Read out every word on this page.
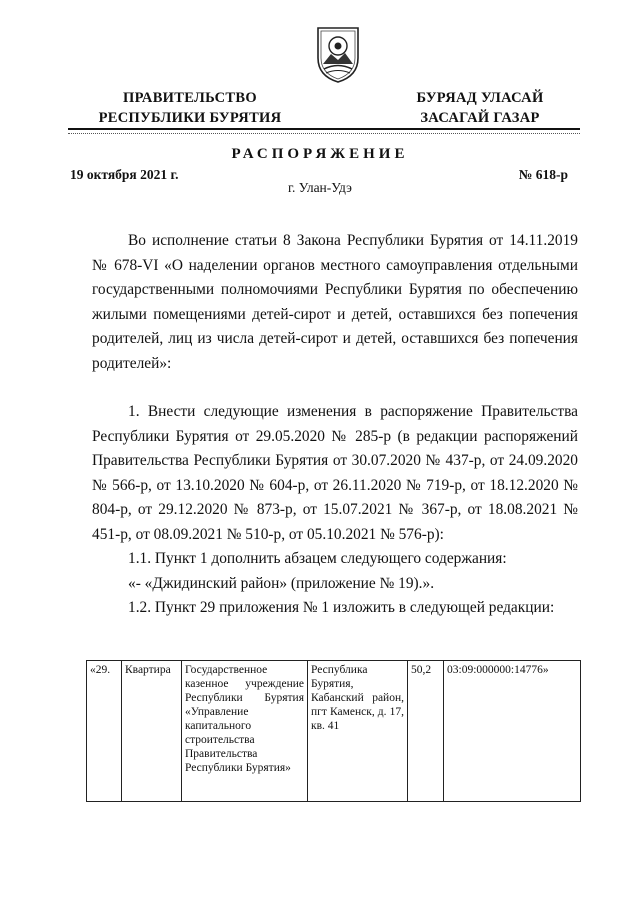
ПРАВИТЕЛЬСТВО
РЕСПУБЛИКИ БУРЯТИЯ
БУРЯАД УЛАСАЙ
ЗАСАГАЙ ГАЗАР
РАСПОРЯЖЕНИЕ
19 октября 2021 г.	№ 618-р
г. Улан-Удэ

Во исполнение статьи 8 Закона Республики Бурятия от 14.11.2019 № 678-VI «О наделении органов местного самоуправления отдельными государственными полномочиями Республики Бурятия по обеспечению жилыми помещениями детей-сирот и детей, оставшихся без попечения родителей, лиц из числа детей-сирот и детей, оставшихся без попечения родителей»:

1. Внести следующие изменения в распоряжение Правительства Республики Бурятия от 29.05.2020 № 285-р (в редакции распоряжений Правительства Республики Бурятия от 30.07.2020 № 437-р, от 24.09.2020 № 566-р, от 13.10.2020 № 604-р, от 26.11.2020 № 719-р, от 18.12.2020 № 804-р, от 29.12.2020 № 873-р, от 15.07.2021 № 367-р, от 18.08.2021 № 451-р, от 08.09.2021 № 510-р, от 05.10.2021 № 576-р):

1.1. Пункт 1 дополнить абзацем следующего содержания:

«- «Джидинский район» (приложение № 19).».

1.2. Пункт 29 приложения № 1 изложить в следующей редакции:

«29.	Квартира	Государственное казенное учреждение Республики Бурятия «Управление капитального строительства Правительства Республики Бурятия»	Республика Бурятия, Кабанский район, пгт Каменск, д. 17, кв. 41	50,2	03:09:000000:14776»
